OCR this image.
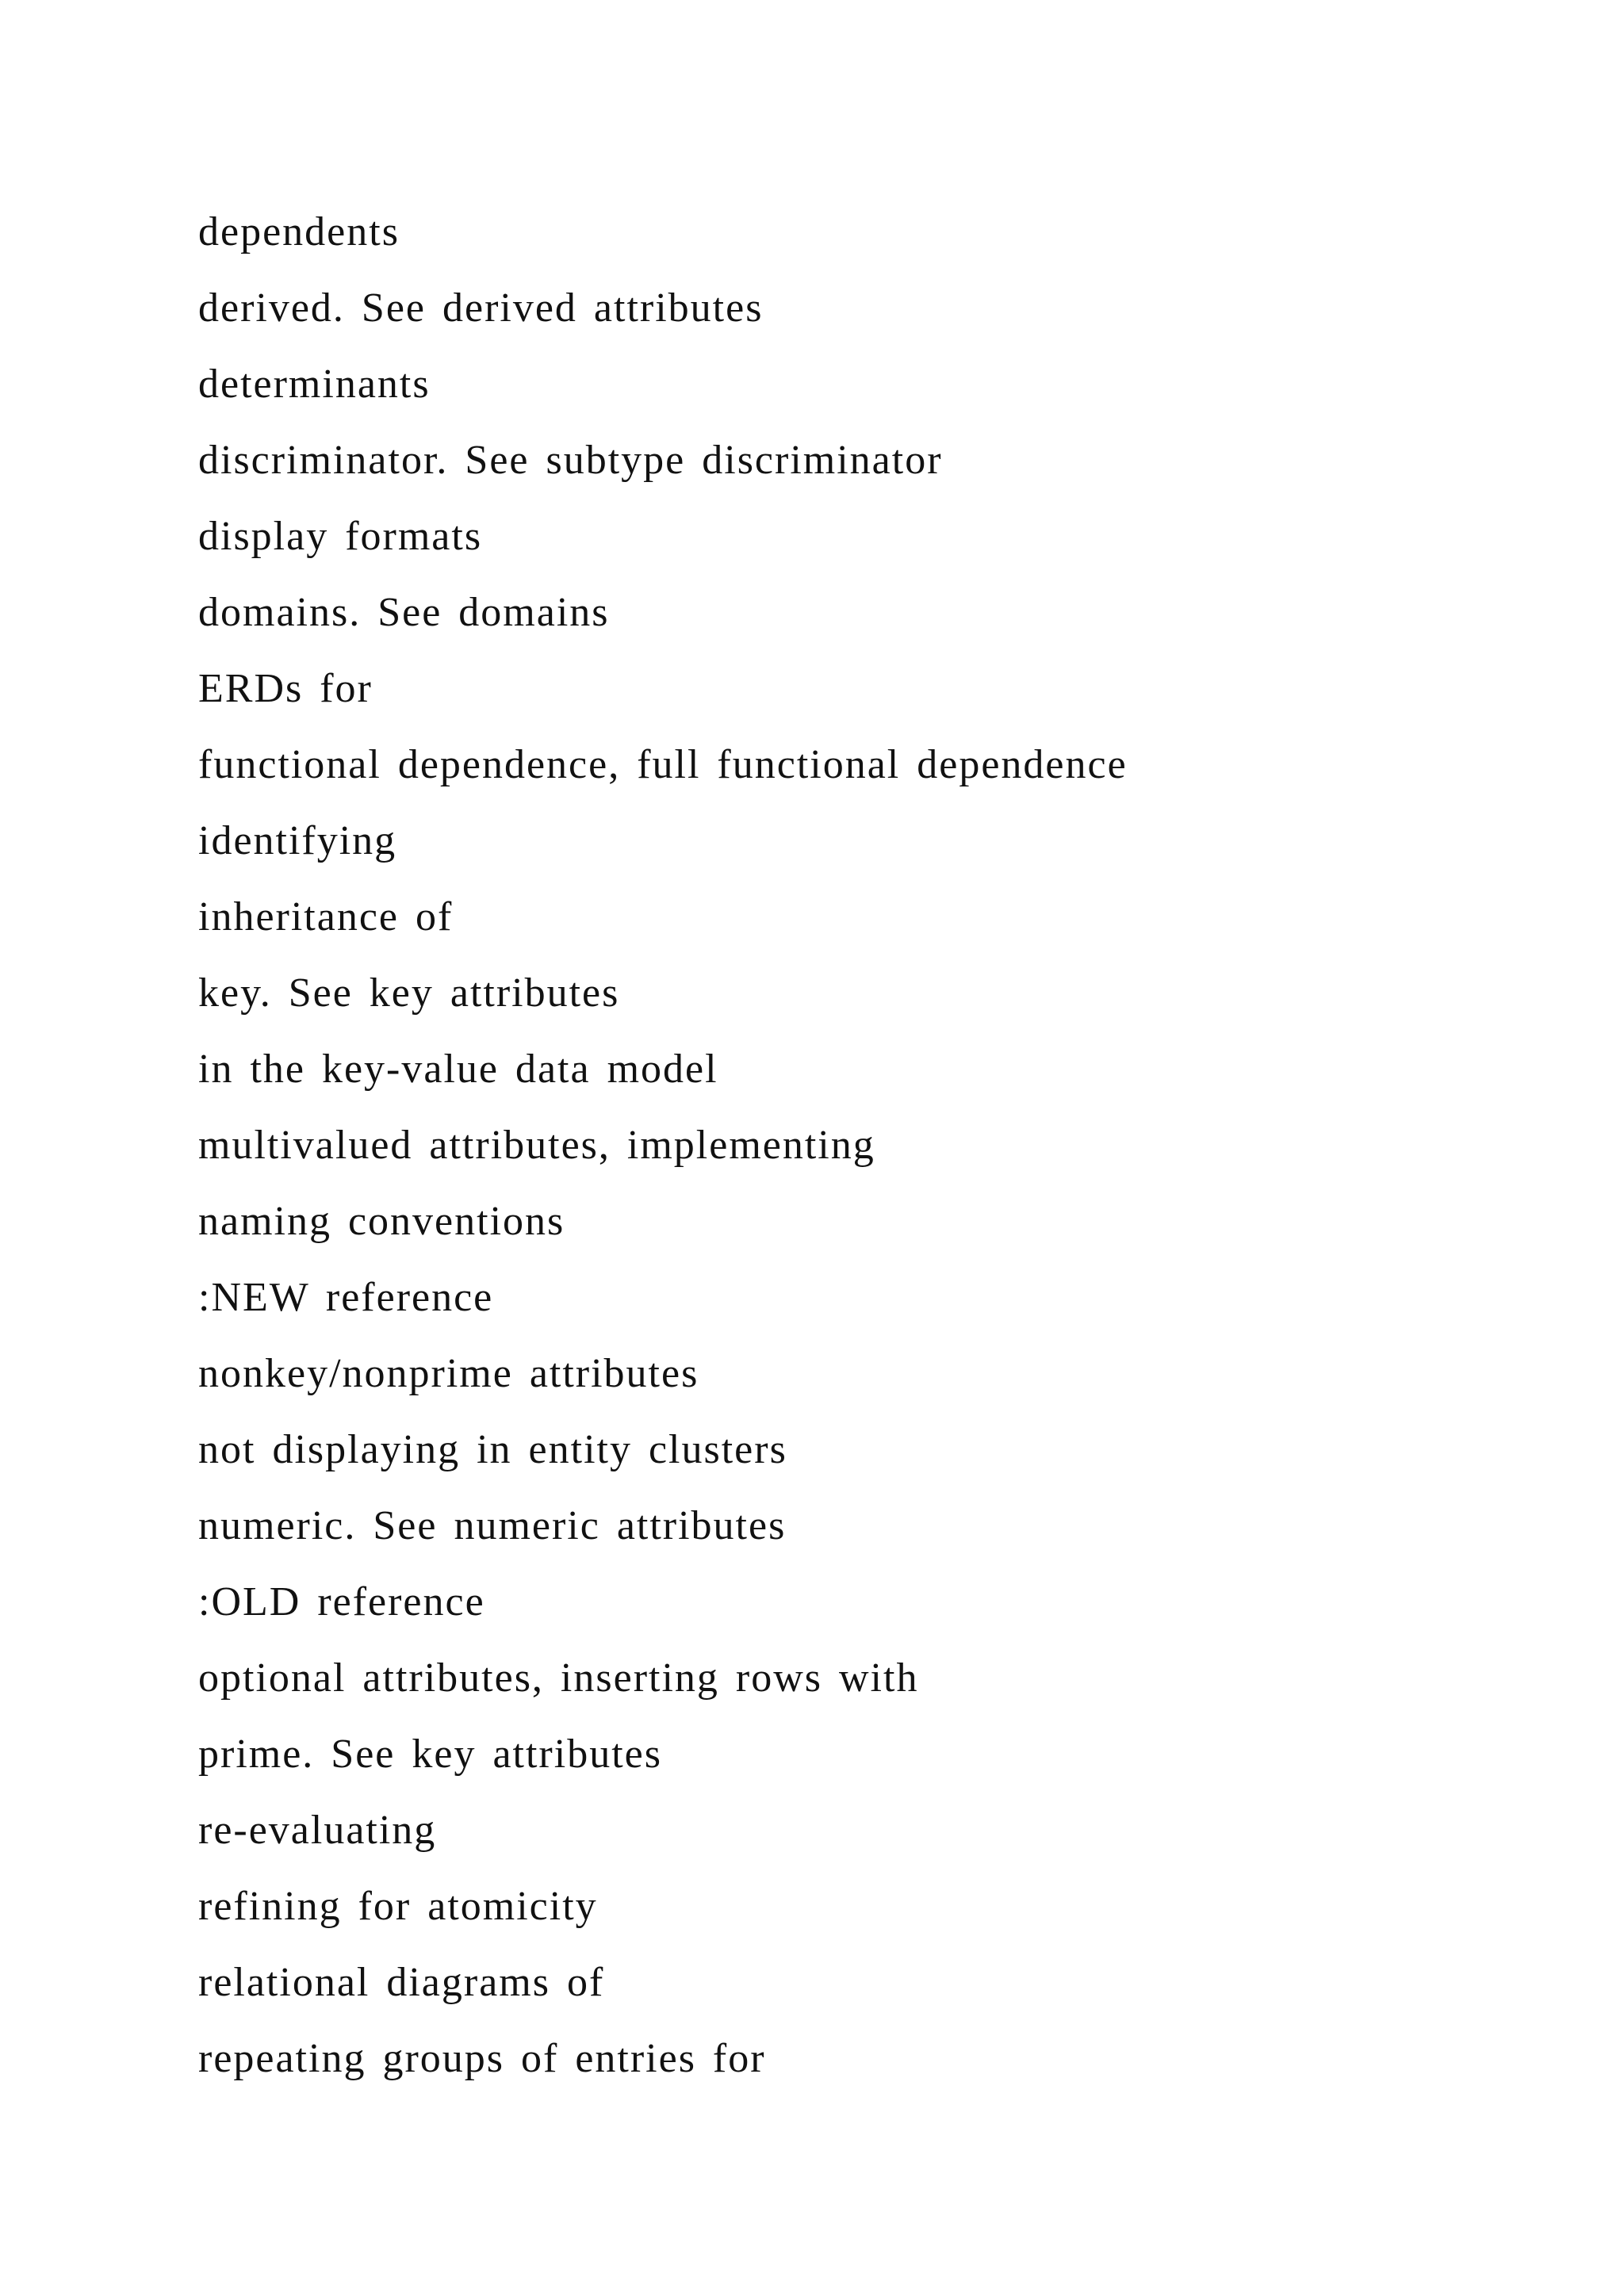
dependents
derived. See derived attributes
determinants
discriminator. See subtype discriminator
display formats
domains. See domains
ERDs for
functional dependence, full functional dependence
identifying
inheritance of
key. See key attributes
in the key-value data model
multivalued attributes, implementing
naming conventions
:NEW reference
nonkey/nonprime attributes
not displaying in entity clusters
numeric. See numeric attributes
:OLD reference
optional attributes, inserting rows with
prime. See key attributes
re-evaluating
refining for atomicity
relational diagrams of
repeating groups of entries for
